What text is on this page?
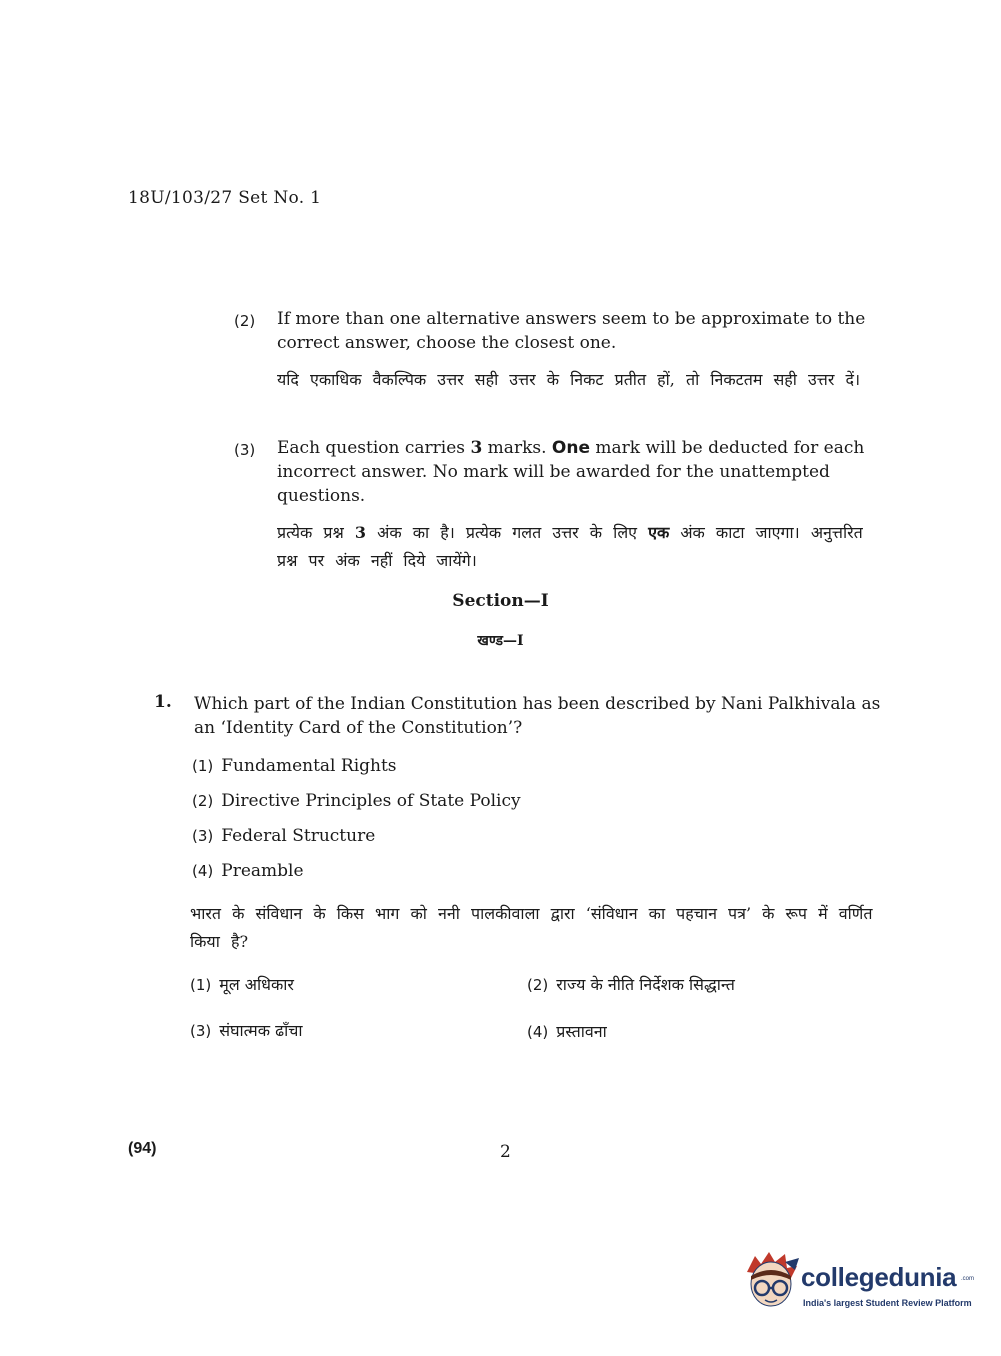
18U/103/27 Set No. 1
(2)	If more than one alternative answers seem to be approximate to the correct answer, choose the closest one.
यदि एकाधिक वैकल्पिक उत्तर सही उत्तर के निकट प्रतीत हों, तो निकटतम सही उत्तर दें।
(3)	Each question carries 3 marks. One mark will be deducted for each incorrect answer. No mark will be awarded for the unattempted questions.
प्रत्येक प्रश्न 3 अंक का है। प्रत्येक गलत उत्तर के लिए एक अंक काटा जाएगा। अनुत्तरित प्रश्न पर अंक नहीं दिये जायेंगे।
Section—I
खण्ड—I
1. Which part of the Indian Constitution has been described by Nani Palkhivala as an ‘Identity Card of the Constitution’?
(1) Fundamental Rights
(2) Directive Principles of State Policy
(3) Federal Structure
(4) Preamble
भारत के संविधान के किस भाग को ननी पालकीवाला द्वारा ‘संविधान का पहचान पत्र’ के रूप में वर्णित किया है?
(1) मूल अधिकार	(2) राज्य के नीति निर्देशक सिद्धान्त
(3) संघात्मक ढाँचा	(4) प्रस्तावना
(94)	2
collegedunia .com
India's largest Student Review Platform
